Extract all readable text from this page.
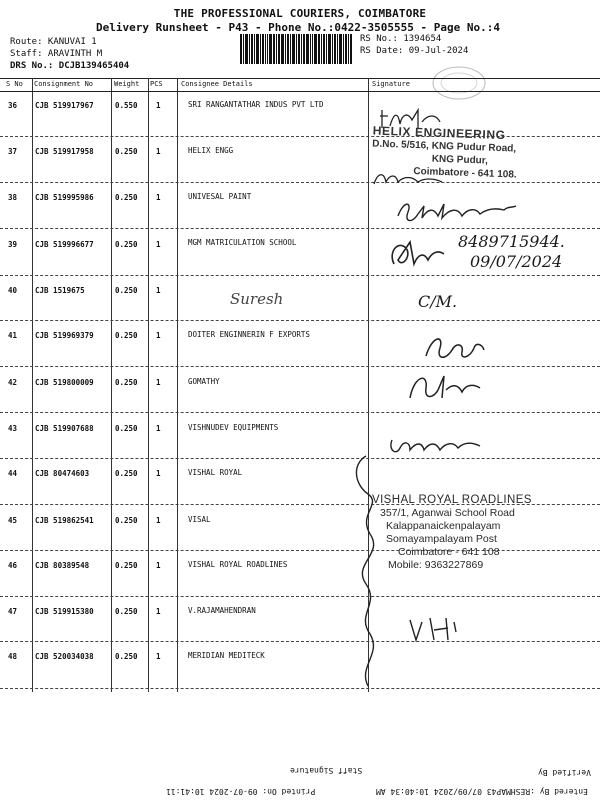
THE PROFESSIONAL COURIERS, COIMBATORE
Delivery Runsheet - P43 - Phone No.:0422-3505555 - Page No.:4
Route: KANUVAI 1
Staff: ARAVINTH M
DRS No.: DCJB139465404
RS No.: 1394654
RS Date: 09-Jul-2024
S No Consignment No	Weight PCS	Consignee Details	Signature
36 CJB 519917967	0.550 1	SRI RANGANTATHAR INDUS PVT LTD
37 CJB 519917958	0.250 1	HELIX ENGG
38 CJB 519995986	0.250 1	UNIVESAL PAINT
39 CJB 519996677	0.250 1	MGM MATRICULATION SCHOOL
40 CJB 1519675	0.250 1
41 CJB 519969379	0.250 1	DOITER ENGINNERIN F EXPORTS
42 CJB 519800009	0.250 1	GOMATHY
43 CJB 519907688	0.250 1	VISHNUDEV EQUIPMENTS
44 CJB 80474603	0.250 1	VISHAL ROYAL
45 CJB 519862541	0.250 1	VISAL
46 CJB 80389548	0.250 1	VISHAL ROYAL ROADLINES
47 CJB 519915380	0.250 1	V.RAJAMAHENDRAN
48 CJB 520034038	0.250 1	MERIDIAN MEDITECK
HELIX ENGINEERING
D.No. 5/516, KNG Pudur Road,
KNG Pudur,
Coimbatore - 641 108.
8489715944.
09/07/2024
Suresh	C/M.
VISHAL ROYAL ROADLINES
357/1, Aganwai School Road
Kalappanaickenpalayam
Somayampalayam Post
Coimbatore - 641 108
Mobile: 9363227869
Staff Signature	Verified By
Printed On: 09-07-2024 10:41:11	Entered By :RESHMAP43 07/09/2024 10:40:34 AM
